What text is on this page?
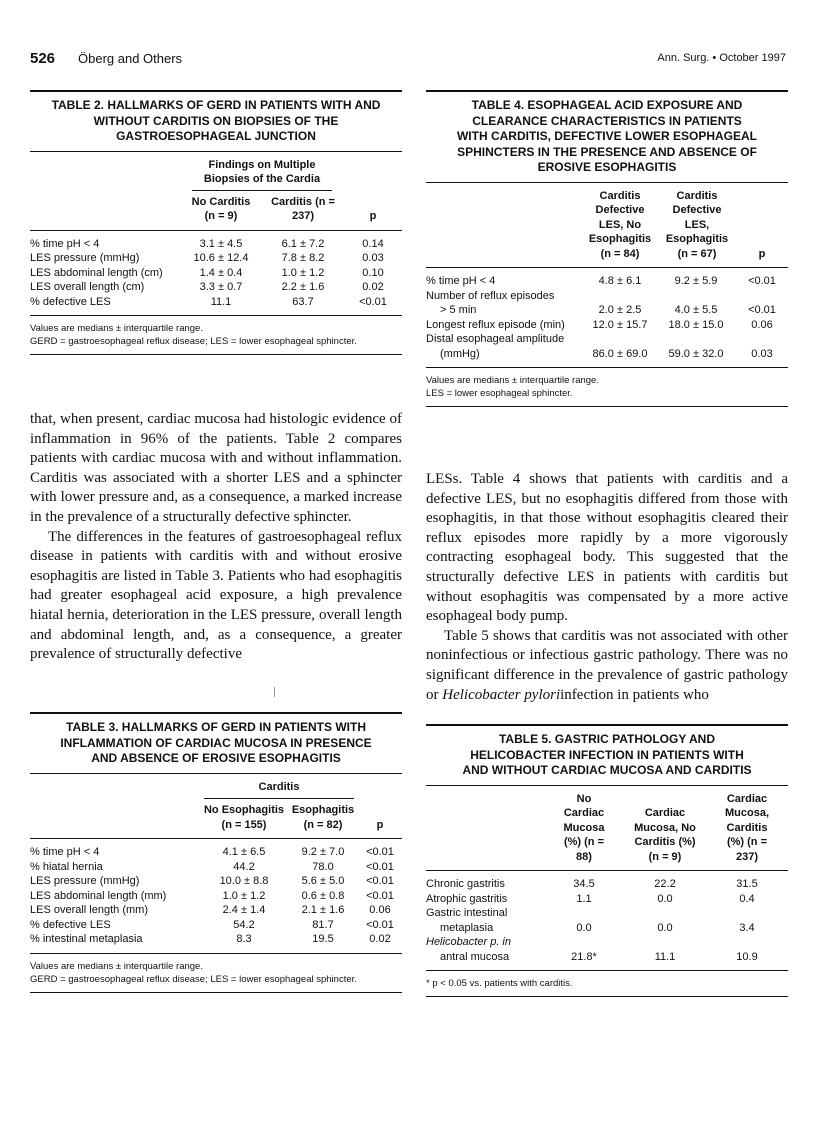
526 Öberg and Others	Ann. Surg. • October 1997
TABLE 2. HALLMARKS OF GERD IN PATIENTS WITH AND WITHOUT CARDITIS ON BIOPSIES OF THE GASTROESOPHAGEAL JUNCTION
	Findings on Multiple Biopsies of the Cardia		
	No Carditis (n = 9)	Carditis (n = 237)	p

% time pH < 4	3.1 ± 4.5	6.1 ± 7.2	0.14
LES pressure (mmHg)	10.6 ± 12.4	7.8 ± 8.2	0.03
LES abdominal length (cm)	1.4 ± 0.4	1.0 ± 1.2	0.10
LES overall length (cm)	3.3 ± 0.7	2.2 ± 1.6	0.02
% defective LES	11.1	63.7	<0.01
Values are medians ± interquartile range.
GERD = gastroesophageal reflux disease; LES = lower esophageal sphincter.
TABLE 4. ESOPHAGEAL ACID EXPOSURE AND CLEARANCE CHARACTERISTICS IN PATIENTS WITH CARDITIS, DEFECTIVE LOWER ESOPHAGEAL SPHINCTERS IN THE PRESENCE AND ABSENCE OF EROSIVE ESOPHAGITIS
	Carditis Defective LES, No Esophagitis (n = 84)	Carditis Defective LES, Esophagitis (n = 67)	p

% time pH < 4	4.8 ± 6.1	9.2 ± 5.9	<0.01
Number of reflux episodes			
> 5 min	2.0 ± 2.5	4.0 ± 5.5	<0.01
Longest reflux episode (min)	12.0 ± 15.7	18.0 ± 15.0	0.06
Distal esophageal amplitude			
(mmHg)	86.0 ± 69.0	59.0 ± 32.0	0.03
Values are medians ± interquartile range.
LES = lower esophageal sphincter.

that, when present, cardiac mucosa had histologic evidence of inflammation in 96% of the patients. Table 2 compares patients with cardiac mucosa with and without inflammation. Carditis was associated with a shorter LES and a sphincter with lower pressure and, as a consequence, a marked increase in the prevalence of a structurally defective sphincter.

The differences in the features of gastroesophageal reflux disease in patients with carditis with and without erosive esophagitis are listed in Table 3. Patients who had esophagitis had greater esophageal acid exposure, a high prevalence hiatal hernia, deterioration in the LES pressure, overall length and abdominal length, and, as a consequence, a greater prevalence of structurally defective

LESs. Table 4 shows that patients with carditis and a defective LES, but no esophagitis differed from those with esophagitis, in that those without esophagitis cleared their reflux episodes more rapidly by a more vigorously contracting esophageal body. This suggested that the structurally defective LES in patients with carditis but without esophagitis was compensated by a more active esophageal body pump.

Table 5 shows that carditis was not associated with other noninfectious or infectious gastric pathology. There was no significant difference in the prevalence of gastric pathology or Helicobacter pyloriinfection in patients who

TABLE 3. HALLMARKS OF GERD IN PATIENTS WITH INFLAMMATION OF CARDIAC MUCOSA IN PRESENCE AND ABSENCE OF EROSIVE ESOPHAGITIS
	Carditis		
	No Esophagitis (n = 155)	Esophagitis (n = 82)	p

% time pH < 4	4.1 ± 6.5	9.2 ± 7.0	<0.01
% hiatal hernia	44.2	78.0	<0.01
LES pressure (mmHg)	10.0 ± 8.8	5.6 ± 5.0	<0.01
LES abdominal length (mm)	1.0 ± 1.2	0.6 ± 0.8	<0.01
LES overall length (mm)	2.4 ± 1.4	2.1 ± 1.6	0.06
% defective LES	54.2	81.7	<0.01
% intestinal metaplasia	8.3	19.5	0.02
Values are medians ± interquartile range.
GERD = gastroesophageal reflux disease; LES = lower esophageal sphincter.
TABLE 5. GASTRIC PATHOLOGY AND HELICOBACTER INFECTION IN PATIENTS WITH AND WITHOUT CARDIAC MUCOSA AND CARDITIS
	No Cardiac Mucosa (%) (n = 88)	Cardiac Mucosa, No Carditis (%) (n = 9)	Cardiac Mucosa, Carditis (%) (n = 237)

Chronic gastritis	34.5	22.2	31.5
Atrophic gastritis	1.1	0.0	0.4
Gastric intestinal			
metaplasia	0.0	0.0	3.4
Helicobacter p. in			
antral mucosa	21.8*	11.1	10.9
* p < 0.05 vs. patients with carditis.
